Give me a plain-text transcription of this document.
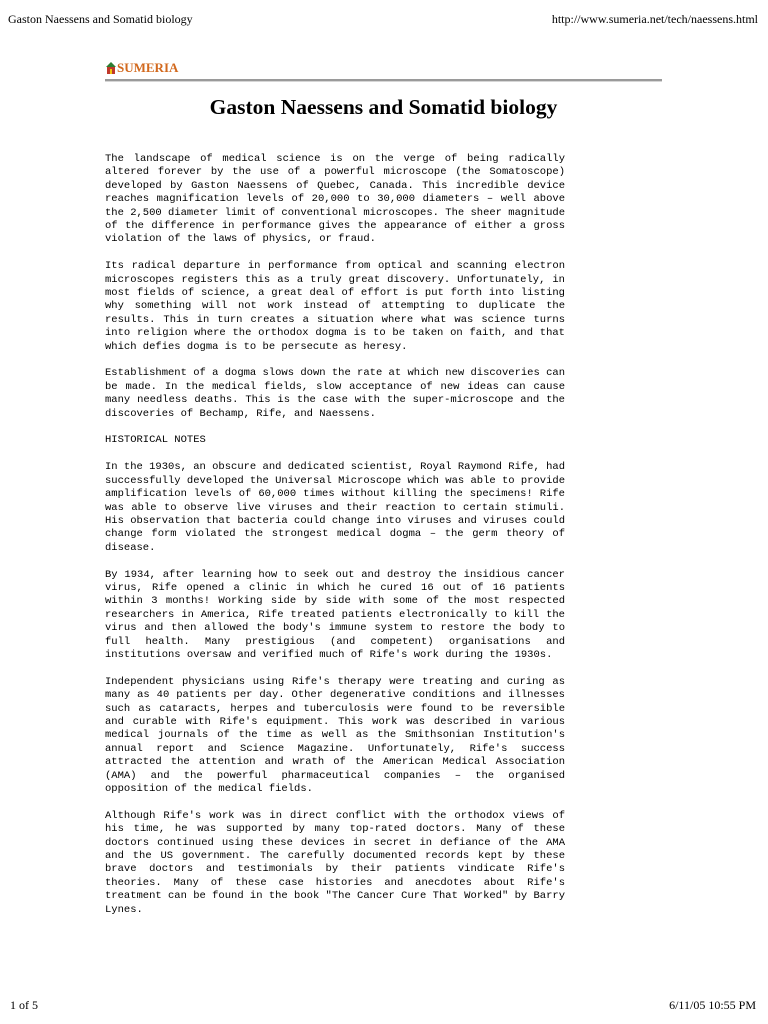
Gaston Naessens and Somatid biology	http://www.sumeria.net/tech/naessens.html
SUMERIA
Gaston Naessens and Somatid biology

The landscape of medical science is on the verge of being radically altered forever by the use of a powerful microscope (the Somatoscope) developed by Gaston Naessens of Quebec, Canada. This incredible device reaches magnification levels of 20,000 to 30,000 diameters – well above the 2,500 diameter limit of conventional microscopes. The sheer magnitude of the difference in performance gives the appearance of either a gross violation of the laws of physics, or fraud.

Its radical departure in performance from optical and scanning electron microscopes registers this as a truly great discovery. Unfortunately, in most fields of science, a great deal of effort is put forth into listing why something will not work instead of attempting to duplicate the results. This in turn creates a situation where what was science turns into religion where the orthodox dogma is to be taken on faith, and that which defies dogma is to be persecute as heresy.

Establishment of a dogma slows down the rate at which new discoveries can be made. In the medical fields, slow acceptance of new ideas can cause many needless deaths. This is the case with the super-microscope and the discoveries of Bechamp, Rife, and Naessens.

HISTORICAL NOTES

In the 1930s, an obscure and dedicated scientist, Royal Raymond Rife, had successfully developed the Universal Microscope which was able to provide amplification levels of 60,000 times without killing the specimens! Rife was able to observe live viruses and their reaction to certain stimuli. His observation that bacteria could change into viruses and viruses could change form violated the strongest medical dogma – the germ theory of disease.

By 1934, after learning how to seek out and destroy the insidious cancer virus, Rife opened a clinic in which he cured 16 out of 16 patients within 3 months! Working side by side with some of the most respected researchers in America, Rife treated patients electronically to kill the virus and then allowed the body's immune system to restore the body to full health. Many prestigious (and competent) organisations and institutions oversaw and verified much of Rife's work during the 1930s.

Independent physicians using Rife's therapy were treating and curing as many as 40 patients per day. Other degenerative conditions and illnesses such as cataracts, herpes and tuberculosis were found to be reversible and curable with Rife's equipment. This work was described in various medical journals of the time as well as the Smithsonian Institution's annual report and Science Magazine. Unfortunately, Rife's success attracted the attention and wrath of the American Medical Association (AMA) and the powerful pharmaceutical companies – the organised opposition of the medical fields.

Although Rife's work was in direct conflict with the orthodox views of his time, he was supported by many top-rated doctors. Many of these doctors continued using these devices in secret in defiance of the AMA and the US government. The carefully documented records kept by these brave doctors and testimonials by their patients vindicate Rife's theories. Many of these case histories and anecdotes about Rife's treatment can be found in the book "The Cancer Cure That Worked" by Barry Lynes.

1 of 5	6/11/05 10:55 PM
